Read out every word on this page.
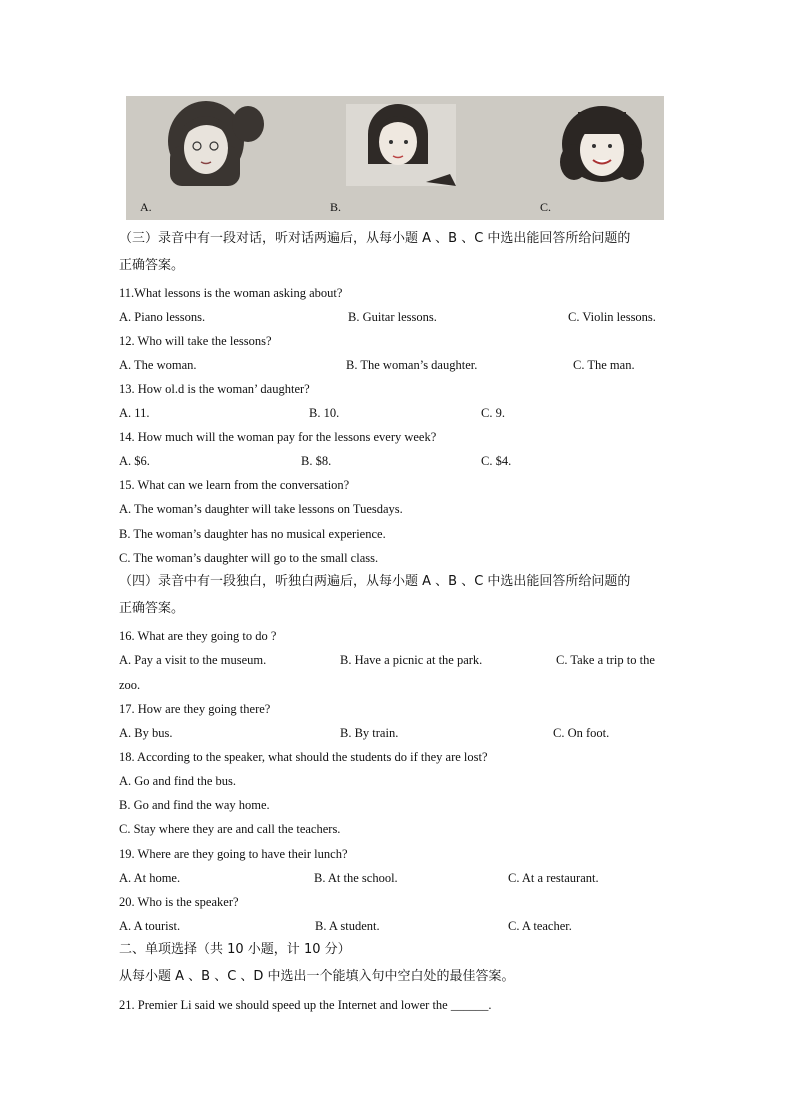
A.	B.	C.
（三）录音中有一段对话，听对话两遍后，从每小题 A 、B 、C 中选出能回答所给问题的
正确答案。
11.What lessons is the woman asking about?
A. Piano lessons.	B. Guitar lessons.	C. Violin lessons.
12. Who will take the lessons?
A. The woman.	B. The woman’s daughter.	C. The man.
13. How ol.d is the woman’ daughter?
A. 11.	B. 10.	C. 9.
14. How much will the woman pay for the lessons every week?
A. $6.	B. $8.	C. $4.
15. What can we learn from the conversation?
A. The woman’s daughter will take lessons on Tuesdays.
B. The woman’s daughter has no musical experience.
C. The woman’s daughter will go to the small class.
（四）录音中有一段独白，听独白两遍后，从每小题 A 、B 、C 中选出能回答所给问题的
正确答案。
16. What are they going to do ?
A. Pay a visit to the museum.	B. Have a picnic at the park.	C. Take a trip to the
zoo.
17. How are they going there?
A. By bus.	B. By train.	C. On foot.
18. According to the speaker, what should the students do if they are lost?
A. Go and find the bus.
B. Go and find the way home.
C. Stay where they are and call the teachers.
19. Where are they going to have their lunch?
A. At home.	B. At the school.	C. At a restaurant.
20. Who is the speaker?
A. A tourist.	B. A student.	C. A teacher.
二、单项选择（共 10 小题，计 10 分）
从每小题 A 、B 、C 、D 中选出一个能填入句中空白处的最佳答案。
21. Premier Li said we should speed up the Internet and lower the ______.
